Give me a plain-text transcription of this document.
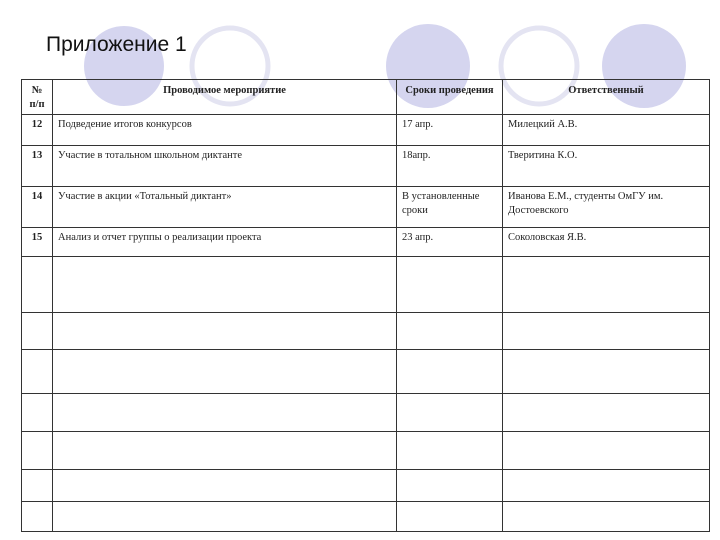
Приложение 1
№ п/п	Проводимое мероприятие	Сроки проведения	Ответственный
12	Подведение итогов конкурсов	17 апр.	Милецкий А.В.
13	Участие в тотальном школьном диктанте	18апр.	Тверитина К.О.
14	Участие в акции «Тотальный диктант»	В установленные сроки	Иванова Е.М., студенты ОмГУ им. Достоевского
15	Анализ и отчет группы о реализации проекта	23 апр.	Соколовская Я.В.
